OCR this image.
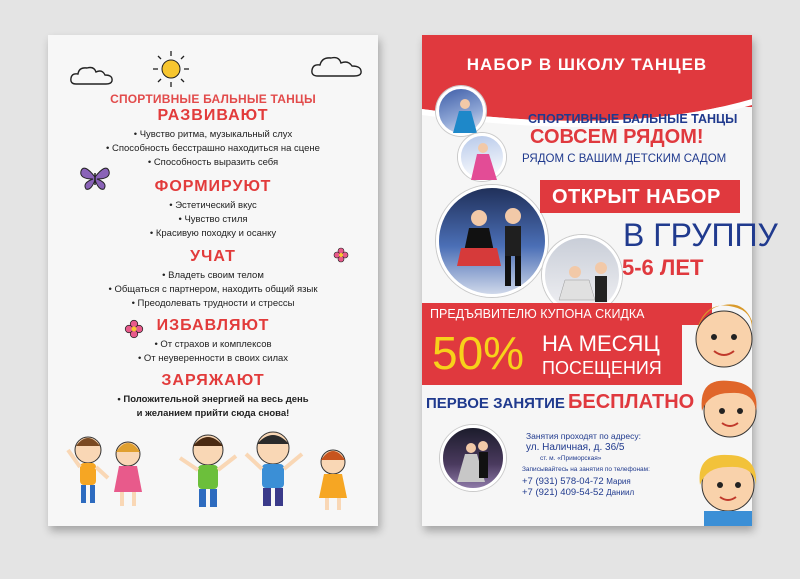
СПОРТИВНЫЕ БАЛЬНЫЕ ТАНЦЫ
РАЗВИВАЮТ
• Чувство ритма, музыкальный слух
• Способность бесстрашно находиться на сцене
• Способность выразить себя
ФОРМИРУЮТ
• Эстетический вкус
• Чувство стиля
• Красивую походку и осанку
УЧАТ
• Владеть своим телом
• Общаться с партнером, находить общий язык
• Преодолевать трудности и стрессы
ИЗБАВЛЯЮТ
• От страхов и комплексов
• От неуверенности в своих силах
ЗАРЯЖАЮТ
• Положительной энергией на весь день
и желанием прийти сюда снова!
НАБОР В ШКОЛУ ТАНЦЕВ
СПОРТИВНЫЕ БАЛЬНЫЕ ТАНЦЫ
СОВСЕМ РЯДОМ!
РЯДОМ С ВАШИМ ДЕТСКИМ САДОМ
ОТКРЫТ НАБОР
В ГРУППУ
5-6 ЛЕТ
ПРЕДЪЯВИТЕЛЮ КУПОНА СКИДКА
50% НА МЕСЯЦ
ПОСЕЩЕНИЯ
ПЕРВОЕ ЗАНЯТИЕ БЕСПЛАТНО
Занятия проходят по адресу:
ул. Наличная, д. 36/5
ст. м. «Приморская»
Записывайтесь на занятия по телефонам:
+7 (931) 578-04-72 Мария
+7 (921) 409-54-52 Даниил
